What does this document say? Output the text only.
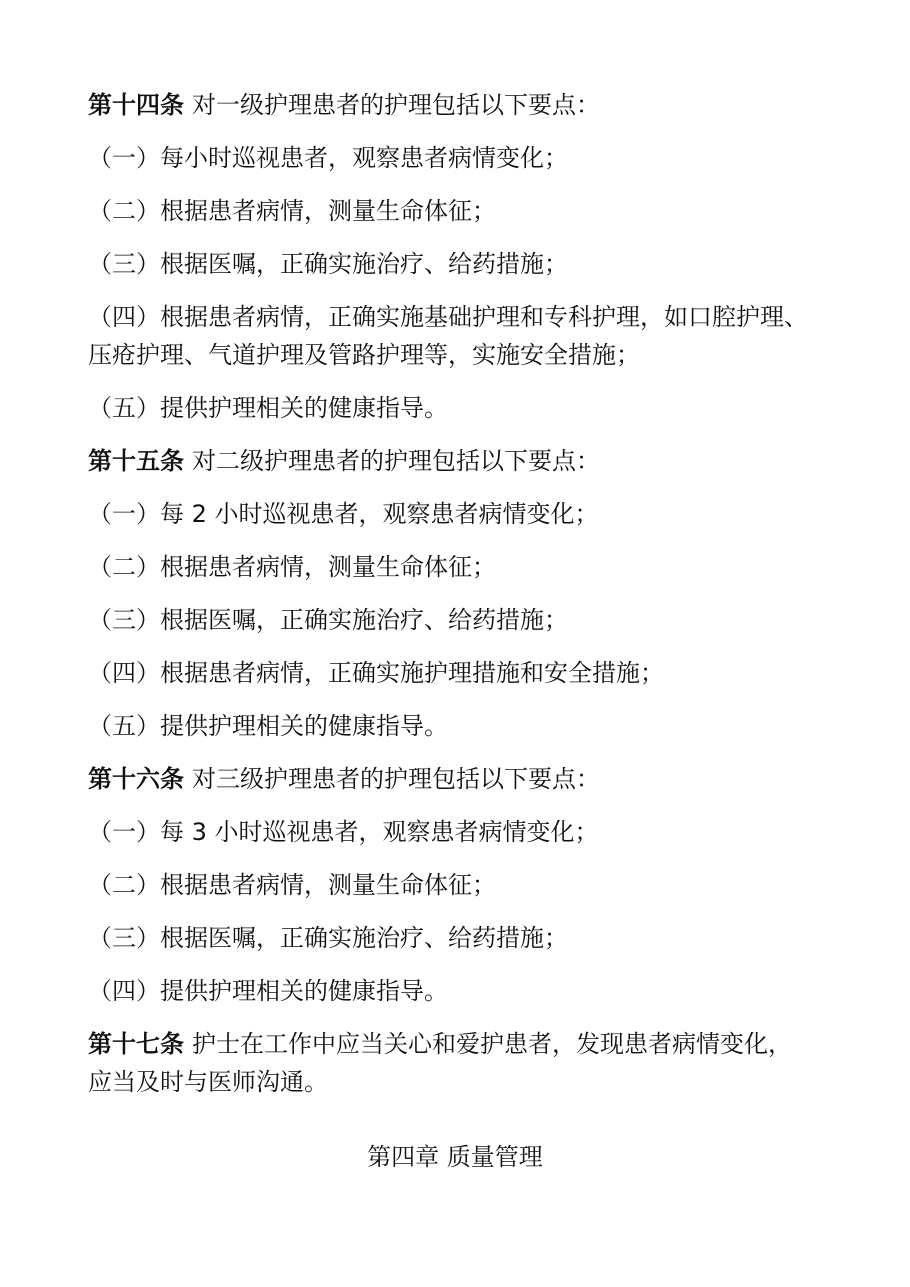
第十四条 对一级护理患者的护理包括以下要点：
（一）每小时巡视患者，观察患者病情变化；
（二）根据患者病情，测量生命体征；
（三）根据医嘱，正确实施治疗、给药措施；
（四）根据患者病情，正确实施基础护理和专科护理，如口腔护理、
压疮护理、气道护理及管路护理等，实施安全措施；
（五）提供护理相关的健康指导。
第十五条 对二级护理患者的护理包括以下要点：
（一）每 2 小时巡视患者，观察患者病情变化；
（二）根据患者病情，测量生命体征；
（三）根据医嘱，正确实施治疗、给药措施；
（四）根据患者病情，正确实施护理措施和安全措施；
（五）提供护理相关的健康指导。
第十六条 对三级护理患者的护理包括以下要点：
（一）每 3 小时巡视患者，观察患者病情变化；
（二）根据患者病情，测量生命体征；
（三）根据医嘱，正确实施治疗、给药措施；
（四）提供护理相关的健康指导。
第十七条 护士在工作中应当关心和爱护患者，发现患者病情变化，
应当及时与医师沟通。
第四章 质量管理
